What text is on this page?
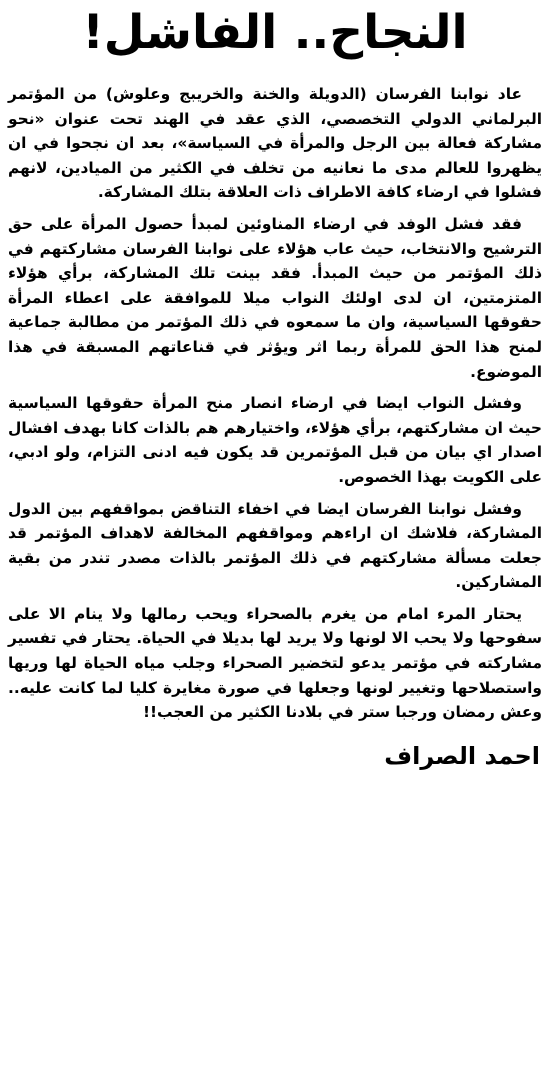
النجاح.. الفاشل!

عاد نوابنا الفرسان (الدويلة والخنة والخريبج وعلوش) من المؤتمر البرلماني الدولي التخصصي، الذي عقد في الهند تحت عنوان «نحو مشاركة فعالة بين الرجل والمرأة في السياسة»، بعد ان نجحوا في ان يظهروا للعالم مدى ما نعانيه من تخلف في الكثير من الميادين، لانهم فشلوا في ارضاء كافة الاطراف ذات العلاقة بتلك المشاركة.

فقد فشل الوفد في ارضاء المناوئين لمبدأ حصول المرأة على حق الترشيح والانتخاب، حيث عاب هؤلاء على نوابنا الفرسان مشاركتهم في ذلك المؤتمر من حيث المبدأ. فقد بينت تلك المشاركة، برأي هؤلاء المتزمتين، ان لدى اولئك النواب ميلا للموافقة على اعطاء المرأة حقوقها السياسية، وان ما سمعوه في ذلك المؤتمر من مطالبة جماعية لمنح هذا الحق للمرأة ربما اثر ويؤثر في قناعاتهم المسبقة في هذا الموضوع.

وفشل النواب ايضا في ارضاء انصار منح المرأة حقوقها السياسية حيث ان مشاركتهم، برأي هؤلاء، واختيارهم هم بالذات كانا بهدف افشال اصدار اي بيان من قبل المؤتمرين قد يكون فيه ادنى التزام، ولو ادبي، على الكويت بهذا الخصوص.

وفشل نوابنا الفرسان ايضا في اخفاء التناقض بمواقفهم بين الدول المشاركة، فلاشك ان اراءهم ومواقفهم المخالفة لاهداف المؤتمر قد جعلت مسألة مشاركتهم في ذلك المؤتمر بالذات مصدر تندر من بقية المشاركين.

يحتار المرء امام من يغرم بالصحراء ويحب رمالها ولا ينام الا على سفوحها ولا يحب الا لونها ولا يريد لها بديلا في الحياة. يحتار في تفسير مشاركته في مؤتمر يدعو لتخضير الصحراء وجلب مياه الحياة لها وريها واستصلاحها وتغيير لونها وجعلها في صورة مغايرة كليا لما كانت عليه.. وعش رمضان ورجبا ستر في بلادنا الكثير من العجب!!

احمد الصراف
